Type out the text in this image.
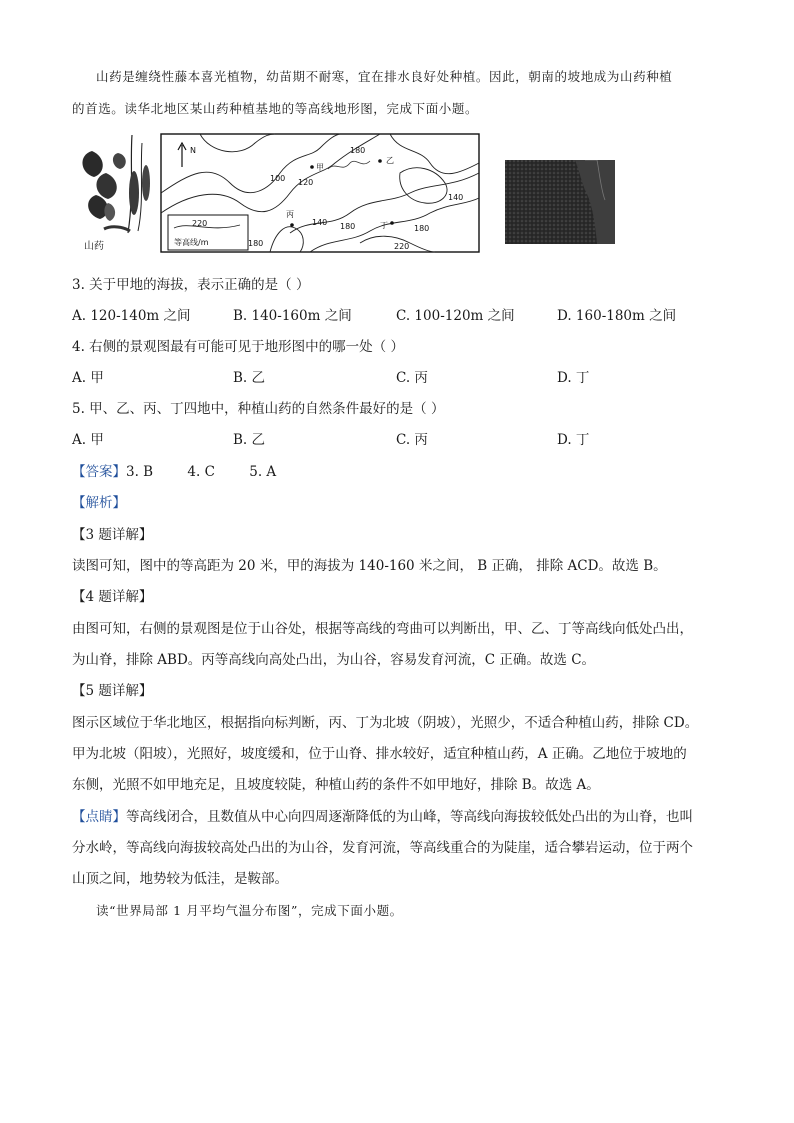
山药是缠绕性藤本喜光植物，幼苗期不耐寒，宜在排水良好处种植。因此，朝南的坡地成为山药种植
的首选。读华北地区某山药种植基地的等高线地形图，完成下面小题。
山药
N
220
等高线/m
180
100 120
140
180
140
180
220
180
甲
乙
丙
丁
3. 关于甲地的海拔，表示正确的是（ ）
A. 120-140m 之间	B. 140-160m 之间	C. 100-120m 之间	D. 160-180m 之间
4. 右侧的景观图最有可能可见于地形图中的哪一处（ ）
A. 甲	B. 乙	C. 丙	D. 丁
5. 甲、乙、丙、丁四地中，种植山药的自然条件最好的是（ ）
A. 甲	B. 乙	C. 丙	D. 丁
【答案】3. B        4. C        5. A
【解析】
【3 题详解】
读图可知，图中的等高距为 20 米，甲的海拔为 140-160 米之间， B 正确， 排除 ACD。故选 B。
【4 题详解】
由图可知，右侧的景观图是位于山谷处，根据等高线的弯曲可以判断出，甲、乙、丁等高线向低处凸出，
为山脊，排除 ABD。丙等高线向高处凸出，为山谷，容易发育河流，C 正确。故选 C。
【5 题详解】
图示区域位于华北地区，根据指向标判断，丙、丁为北坡（阴坡），光照少，不适合种植山药，排除 CD。
甲为北坡（阳坡），光照好，坡度缓和，位于山脊、排水较好，适宜种植山药，A 正确。乙地位于坡地的
东侧，光照不如甲地充足，且坡度较陡，种植山药的条件不如甲地好，排除 B。故选 A。
【点睛】等高线闭合，且数值从中心向四周逐渐降低的为山峰，等高线向海拔较低处凸出的为山脊，也叫
分水岭，等高线向海拔较高处凸出的为山谷，发育河流，等高线重合的为陡崖，适合攀岩运动，位于两个
山顶之间，地势较为低洼，是鞍部。
读“世界局部 1 月平均气温分布图”，完成下面小题。
